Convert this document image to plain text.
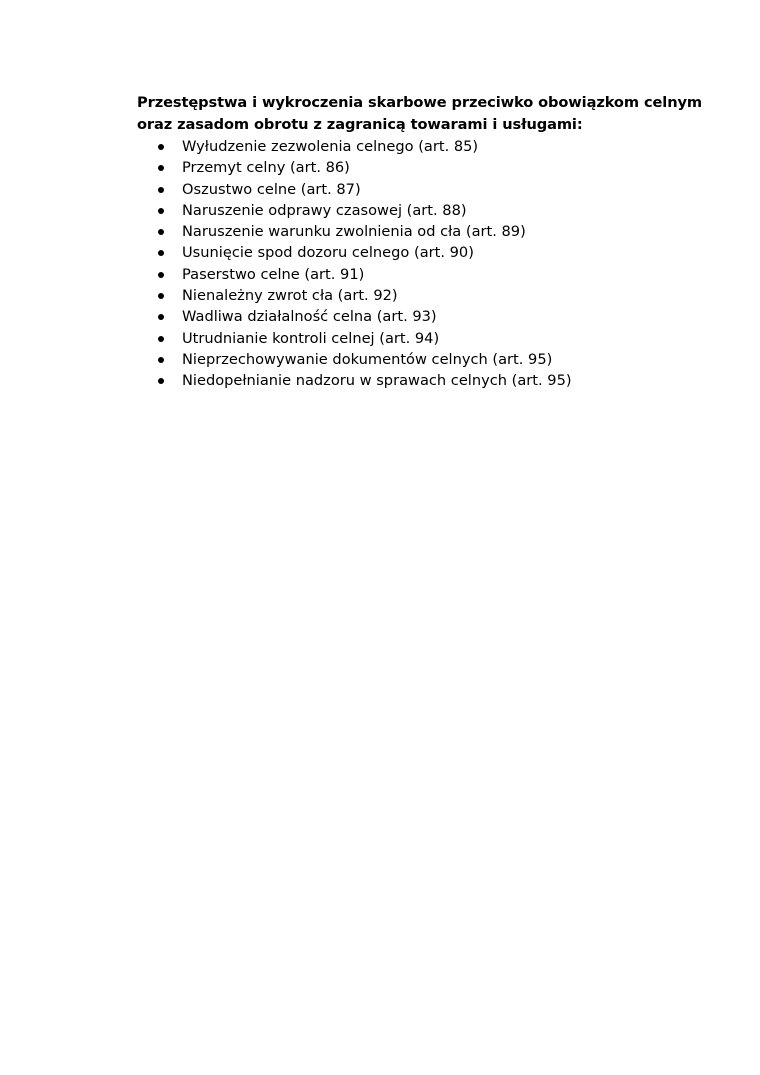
Przestępstwa i wykroczenia skarbowe przeciwko obowiązkom celnym
oraz zasadom obrotu z zagranicą towarami i usługami:

Wyłudzenie zezwolenia celnego (art. 85)
Przemyt celny (art. 86)
Oszustwo celne (art. 87)
Naruszenie odprawy czasowej (art. 88)
Naruszenie warunku zwolnienia od cła (art. 89)
Usunięcie spod dozoru celnego (art. 90)
Paserstwo celne (art. 91)
Nienależny zwrot cła (art. 92)
Wadliwa działalność celna (art. 93)
Utrudnianie kontroli celnej (art. 94)
Nieprzechowywanie dokumentów celnych (art. 95)
Niedopełnianie nadzoru w sprawach celnych (art. 95)
